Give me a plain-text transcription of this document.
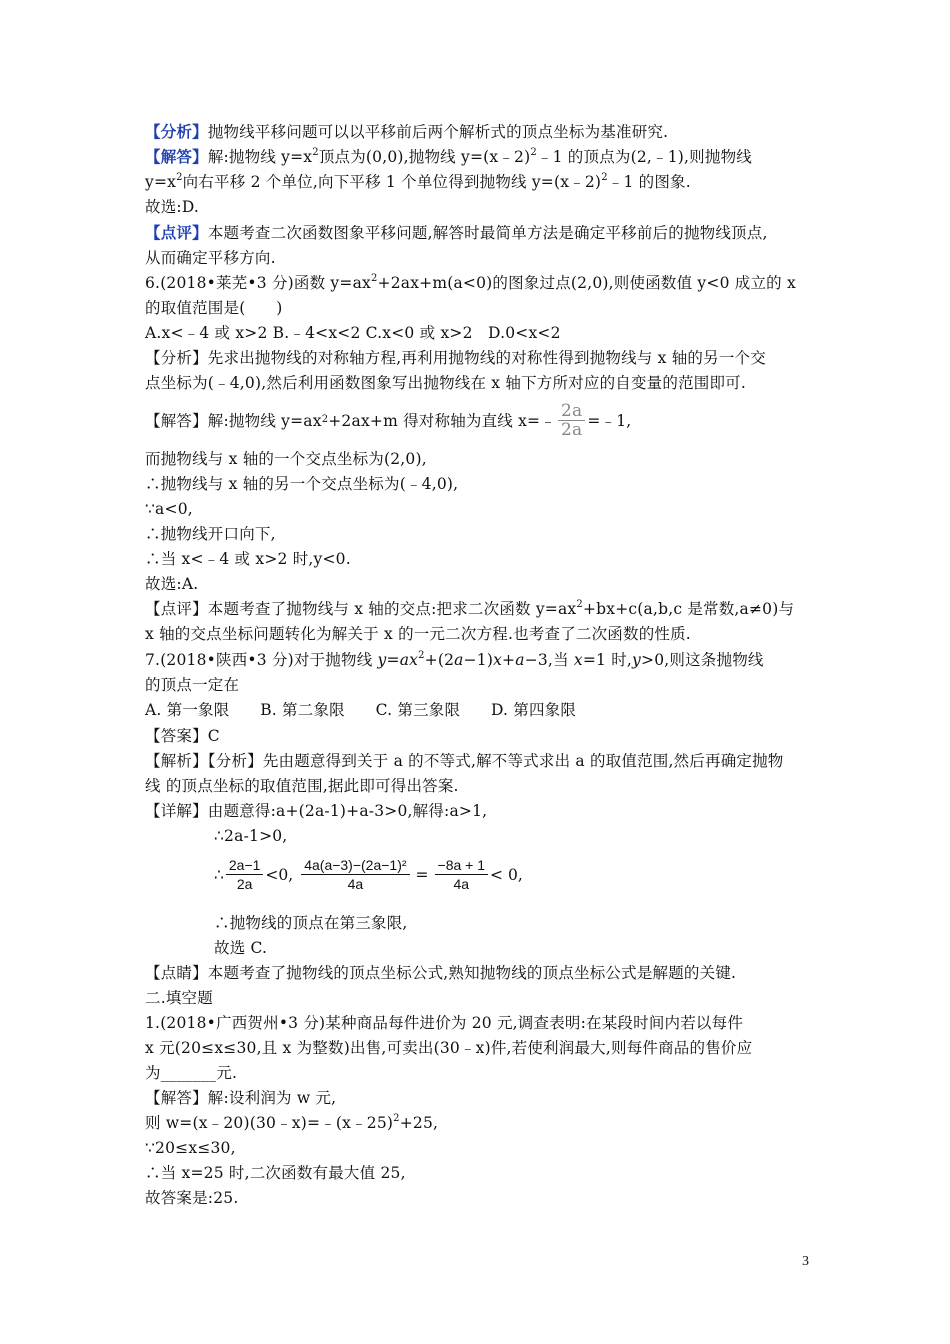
【分析】抛物线平移问题可以以平移前后两个解析式的顶点坐标为基准研究.
【解答】解:抛物线 $y=x^2$顶点为(0,0),抛物线 y=(x﹣2)$^2$﹣1 的顶点为(2,﹣1),则抛物线
$y=x^2$向右平移 2 个单位,向下平移 1 个单位得到抛物线 y=(x﹣2)$^2$﹣1 的图象.
故选:D.
【点评】本题考查二次函数图象平移问题,解答时最简单方法是确定平移前后的抛物线顶点,
从而确定平移方向.
6.(2018•莱芜•3 分)函数 $y=ax^2+2ax+m(a<0)$的图象过点(2,0),则使函数值 y<0 成立的 x
的取值范围是(      )
A.x<﹣4 或 x>2 B.﹣4<x<2 C.x<0 或 x>2   D.0<x<2
【分析】先求出抛物线的对称轴方程,再利用抛物线的对称性得到抛物线与 x 轴的另一个交
点坐标为(﹣4,0),然后利用函数图象写出抛物线在 x 轴下方所对应的自变量的范围即可.
【解答】解:抛物线 $y=ax^2 +2ax+m$ 得对称轴为直线 x=﹣ $\frac{2a}{2a}$ =﹣1,
而抛物线与 x 轴的一个交点坐标为(2,0),
∴抛物线与 x 轴的另一个交点坐标为(﹣4,0),
∵a<0,
∴抛物线开口向下,
∴当 x<﹣4 或 x>2 时,y<0.
故选:A.
【点评】本题考查了抛物线与 x 轴的交点:把求二次函数 $y=ax^2+bx+c(a,b,c$ 是常数,a≠0)与
x 轴的交点坐标问题转化为解关于 x 的一元二次方程.也考查了二次函数的性质.
7.(2018•陕西•3 分)对于抛物线 $y=ax^2+(2a-1)x+a-3$,当 x=1 时,y>0,则这条抛物线
的顶点一定在
A. 第一象限      B. 第二象限      C. 第三象限      D. 第四象限
【答案】C
【解析】【分析】先由题意得到关于 a 的不等式,解不等式求出 a 的取值范围,然后再确定抛物
线 的顶点坐标的取值范围,据此即可得出答案.
【详解】由题意得:a+(2a-1)+a-3>0,解得:a>1,
∴2a-1>0,
∴ $\frac{2a-1}{2a} <0$, $\frac{\text{4a(a−3)−(2a−1)²}}{4a} = \frac{-8a + 1}{4a} < 0$,
∴抛物线的顶点在第三象限,
故选 C.
【点睛】本题考查了抛物线的顶点坐标公式,熟知抛物线的顶点坐标公式是解题的关键.
二.填空题
1.(2018•广西贺州•3 分)某种商品每件进价为 20 元,调查表明:在某段时间内若以每件
x 元(20≤x≤30,且 x 为整数)出售,可卖出(30﹣x)件,若使利润最大,则每件商品的售价应
为_______元.
【解答】解:设利润为 w 元,
则 w=(x﹣20)(30﹣x)=﹣(x﹣25)$^2$+25,
∵20≤x≤30,
∴当 x=25 时,二次函数有最大值 25,
故答案是:25.
3
